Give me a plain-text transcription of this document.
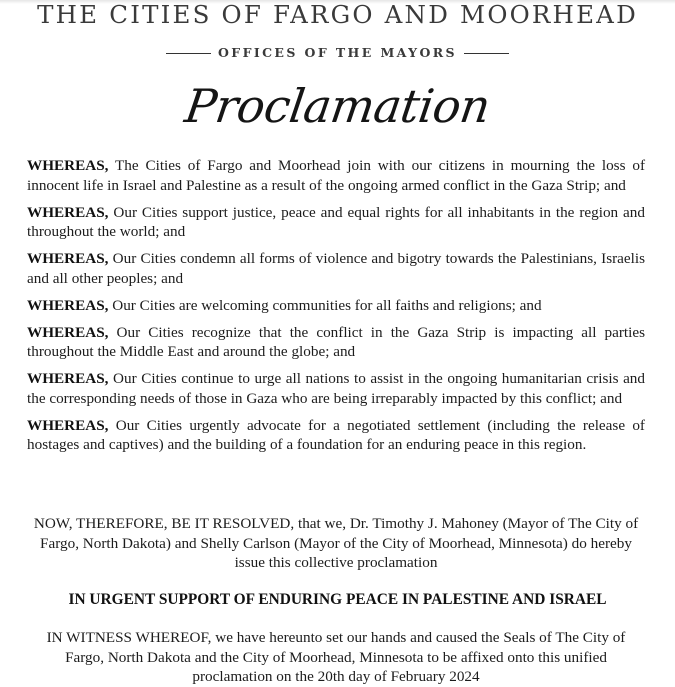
THE CITIES OF FARGO AND MOORHEAD
OFFICES OF THE MAYORS
Proclamation

WHEREAS, The Cities of Fargo and Moorhead join with our citizens in mourning the loss of innocent life in Israel and Palestine as a result of the ongoing armed conflict in the Gaza Strip; and

WHEREAS, Our Cities support justice, peace and equal rights for all inhabitants in the region and throughout the world; and

WHEREAS, Our Cities condemn all forms of violence and bigotry towards the Palestinians, Israelis and all other peoples; and

WHEREAS, Our Cities are welcoming communities for all faiths and religions; and

WHEREAS, Our Cities recognize that the conflict in the Gaza Strip is impacting all parties throughout the Middle East and around the globe; and

WHEREAS, Our Cities continue to urge all nations to assist in the ongoing humanitarian crisis and the corresponding needs of those in Gaza who are being irreparably impacted by this conflict; and

WHEREAS, Our Cities urgently advocate for a negotiated settlement (including the release of hostages and captives) and the building of a foundation for an enduring peace in this region.

NOW, THEREFORE, BE IT RESOLVED, that we, Dr. Timothy J. Mahoney (Mayor of The City of Fargo, North Dakota) and Shelly Carlson (Mayor of the City of Moorhead, Minnesota) do hereby issue this collective proclamation
IN URGENT SUPPORT OF ENDURING PEACE IN PALESTINE AND ISRAEL
IN WITNESS WHEREOF, we have hereunto set our hands and caused the Seals of The City of Fargo, North Dakota and the City of Moorhead, Minnesota to be affixed onto this unified proclamation on the 20th day of February 2024
